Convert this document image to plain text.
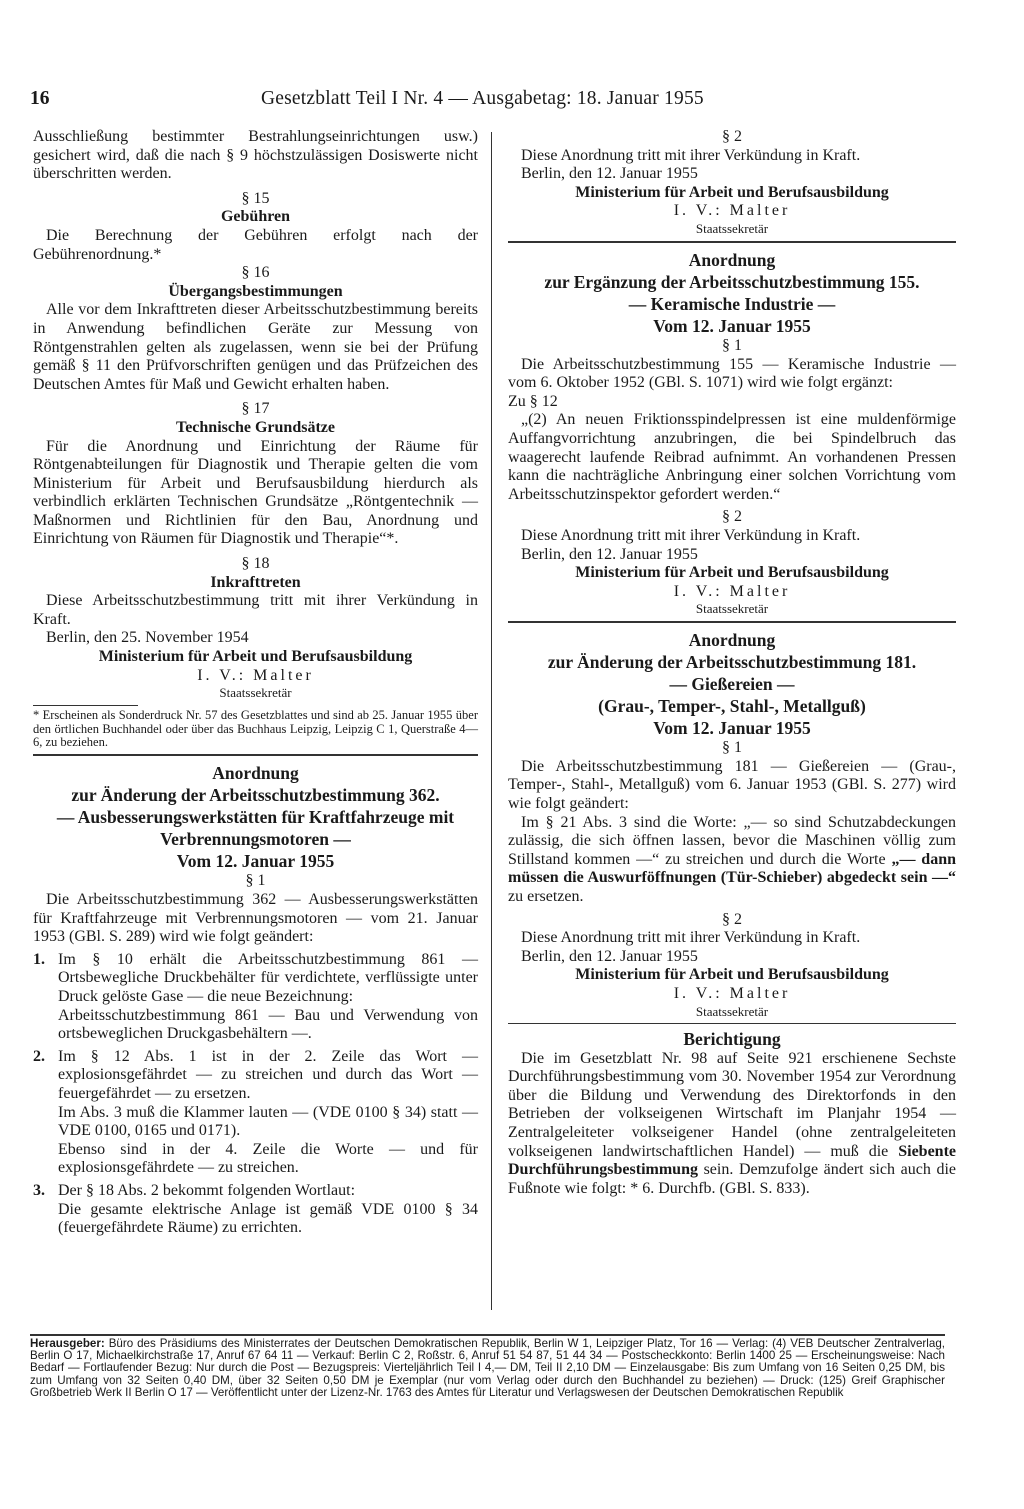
16	Gesetzblatt Teil I Nr. 4 — Ausgabetag: 18. Januar 1955

Ausschließung bestimmter Bestrahlungseinrichtungen usw.) gesichert wird, daß die nach § 9 höchstzulässigen Dosiswerte nicht überschritten werden.

§ 15

Gebühren

Die Berechnung der Gebühren erfolgt nach der Gebührenordnung.*

§ 16

Übergangsbestimmungen

Alle vor dem Inkrafttreten dieser Arbeitsschutzbestimmung bereits in Anwendung befindlichen Geräte zur Messung von Röntgenstrahlen gelten als zugelassen, wenn sie bei der Prüfung gemäß § 11 den Prüfvorschriften genügen und das Prüfzeichen des Deutschen Amtes für Maß und Gewicht erhalten haben.

§ 17

Technische Grundsätze

Für die Anordnung und Einrichtung der Räume für Röntgenabteilungen für Diagnostik und Therapie gelten die vom Ministerium für Arbeit und Berufsausbildung hierdurch als verbindlich erklärten Technischen Grundsätze „Röntgentechnik — Maßnormen und Richtlinien für den Bau, Anordnung und Einrichtung von Räumen für Diagnostik und Therapie“*.

§ 18

Inkrafttreten

Diese Arbeitsschutzbestimmung tritt mit ihrer Verkündung in Kraft.

Berlin, den 25. November 1954

Ministerium für Arbeit und Berufsausbildung

I. V.: Malter

Staatssekretär

* Erscheinen als Sonderdruck Nr. 57 des Gesetzblattes und sind ab 25. Januar 1955 über den örtlichen Buchhandel oder über das Buchhaus Leipzig, Leipzig C 1, Querstraße 4—6, zu beziehen.

Anordnung

zur Änderung der Arbeitsschutzbestimmung 362.

— Ausbesserungswerkstätten für Kraftfahrzeuge mit Verbrennungsmotoren —

Vom 12. Januar 1955

§ 1

Die Arbeitsschutzbestimmung 362 — Ausbesserungswerkstätten für Kraftfahrzeuge mit Verbrennungsmotoren — vom 21. Januar 1953 (GBl. S. 289) wird wie folgt geändert:

1. Im § 10 erhält die Arbeitsschutzbestimmung 861 — Ortsbewegliche Druckbehälter für verdichtete, verflüssigte unter Druck gelöste Gase — die neue Bezeichnung:

Arbeitsschutzbestimmung 861 — Bau und Verwendung von ortsbeweglichen Druckgasbehältern —.

2. Im § 12 Abs. 1 ist in der 2. Zeile das Wort — explosionsgefährdet — zu streichen und durch das Wort — feuergefährdet — zu ersetzen.

Im Abs. 3 muß die Klammer lauten — (VDE 0100 § 34) statt — VDE 0100, 0165 und 0171).

Ebenso sind in der 4. Zeile die Worte — und für explosionsgefährdete — zu streichen.

3. Der § 18 Abs. 2 bekommt folgenden Wortlaut:

Die gesamte elektrische Anlage ist gemäß VDE 0100 § 34 (feuergefährdete Räume) zu errichten.

§ 2

Diese Anordnung tritt mit ihrer Verkündung in Kraft.

Berlin, den 12. Januar 1955

Ministerium für Arbeit und Berufsausbildung

I. V.: Malter

Staatssekretär

Anordnung

zur Ergänzung der Arbeitsschutzbestimmung 155.

— Keramische Industrie —

Vom 12. Januar 1955

§ 1

Die Arbeitsschutzbestimmung 155 — Keramische Industrie — vom 6. Oktober 1952 (GBl. S. 1071) wird wie folgt ergänzt:

Zu § 12

„(2) An neuen Friktionsspindelpressen ist eine muldenförmige Auffangvorrichtung anzubringen, die bei Spindelbruch das waagerecht laufende Reibrad aufnimmt. An vorhandenen Pressen kann die nachträgliche Anbringung einer solchen Vorrichtung vom Arbeitsschutzinspektor gefordert werden.“

§ 2

Diese Anordnung tritt mit ihrer Verkündung in Kraft.

Berlin, den 12. Januar 1955

Ministerium für Arbeit und Berufsausbildung

I. V.: Malter

Staatssekretär

Anordnung

zur Änderung der Arbeitsschutzbestimmung 181.

— Gießereien —

(Grau-, Temper-, Stahl-, Metallguß)

Vom 12. Januar 1955

§ 1

Die Arbeitsschutzbestimmung 181 — Gießereien — (Grau-, Temper-, Stahl-, Metallguß) vom 6. Januar 1953 (GBl. S. 277) wird wie folgt geändert:

Im § 21 Abs. 3 sind die Worte: „— so sind Schutzabdeckungen zulässig, die sich öffnen lassen, bevor die Maschinen völlig zum Stillstand kommen —“ zu streichen und durch die Worte „— dann müssen die Auswurföffnungen (Tür-Schieber) abgedeckt sein —“ zu ersetzen.

§ 2

Diese Anordnung tritt mit ihrer Verkündung in Kraft.

Berlin, den 12. Januar 1955

Ministerium für Arbeit und Berufsausbildung

I. V.: Malter

Staatssekretär

Berichtigung

Die im Gesetzblatt Nr. 98 auf Seite 921 erschienene Sechste Durchführungsbestimmung vom 30. November 1954 zur Verordnung über die Bildung und Verwendung des Direktorfonds in den Betrieben der volkseigenen Wirtschaft im Planjahr 1954 — Zentralgeleiteter volkseigener Handel (ohne zentralgeleiteten volkseigenen landwirtschaftlichen Handel) — muß die Siebente Durchführungsbestimmung sein. Demzufolge ändert sich auch die Fußnote wie folgt: * 6. Durchfb. (GBl. S. 833).

Herausgeber: Büro des Präsidiums des Ministerrates der Deutschen Demokratischen Republik, Berlin W 1, Leipziger Platz, Tor 16 — Verlag: (4) VEB Deutscher Zentralverlag, Berlin O 17, Michaelkirchstraße 17, Anruf 67 64 11 — Verkauf: Berlin C 2, Roßstr. 6, Anruf 51 54 87, 51 44 34 — Postscheckkonto: Berlin 1400 25 — Erscheinungsweise: Nach Bedarf — Fortlaufender Bezug: Nur durch die Post — Bezugspreis: Vierteljährlich Teil I 4,— DM, Teil II 2,10 DM — Einzelausgabe: Bis zum Umfang von 16 Seiten 0,25 DM, bis zum Umfang von 32 Seiten 0,40 DM, über 32 Seiten 0,50 DM je Exemplar (nur vom Verlag oder durch den Buchhandel zu beziehen) — Druck: (125) Greif Graphischer Großbetrieb Werk II Berlin O 17 — Veröffentlicht unter der Lizenz-Nr. 1763 des Amtes für Literatur und Verlagswesen der Deutschen Demokratischen Republik
